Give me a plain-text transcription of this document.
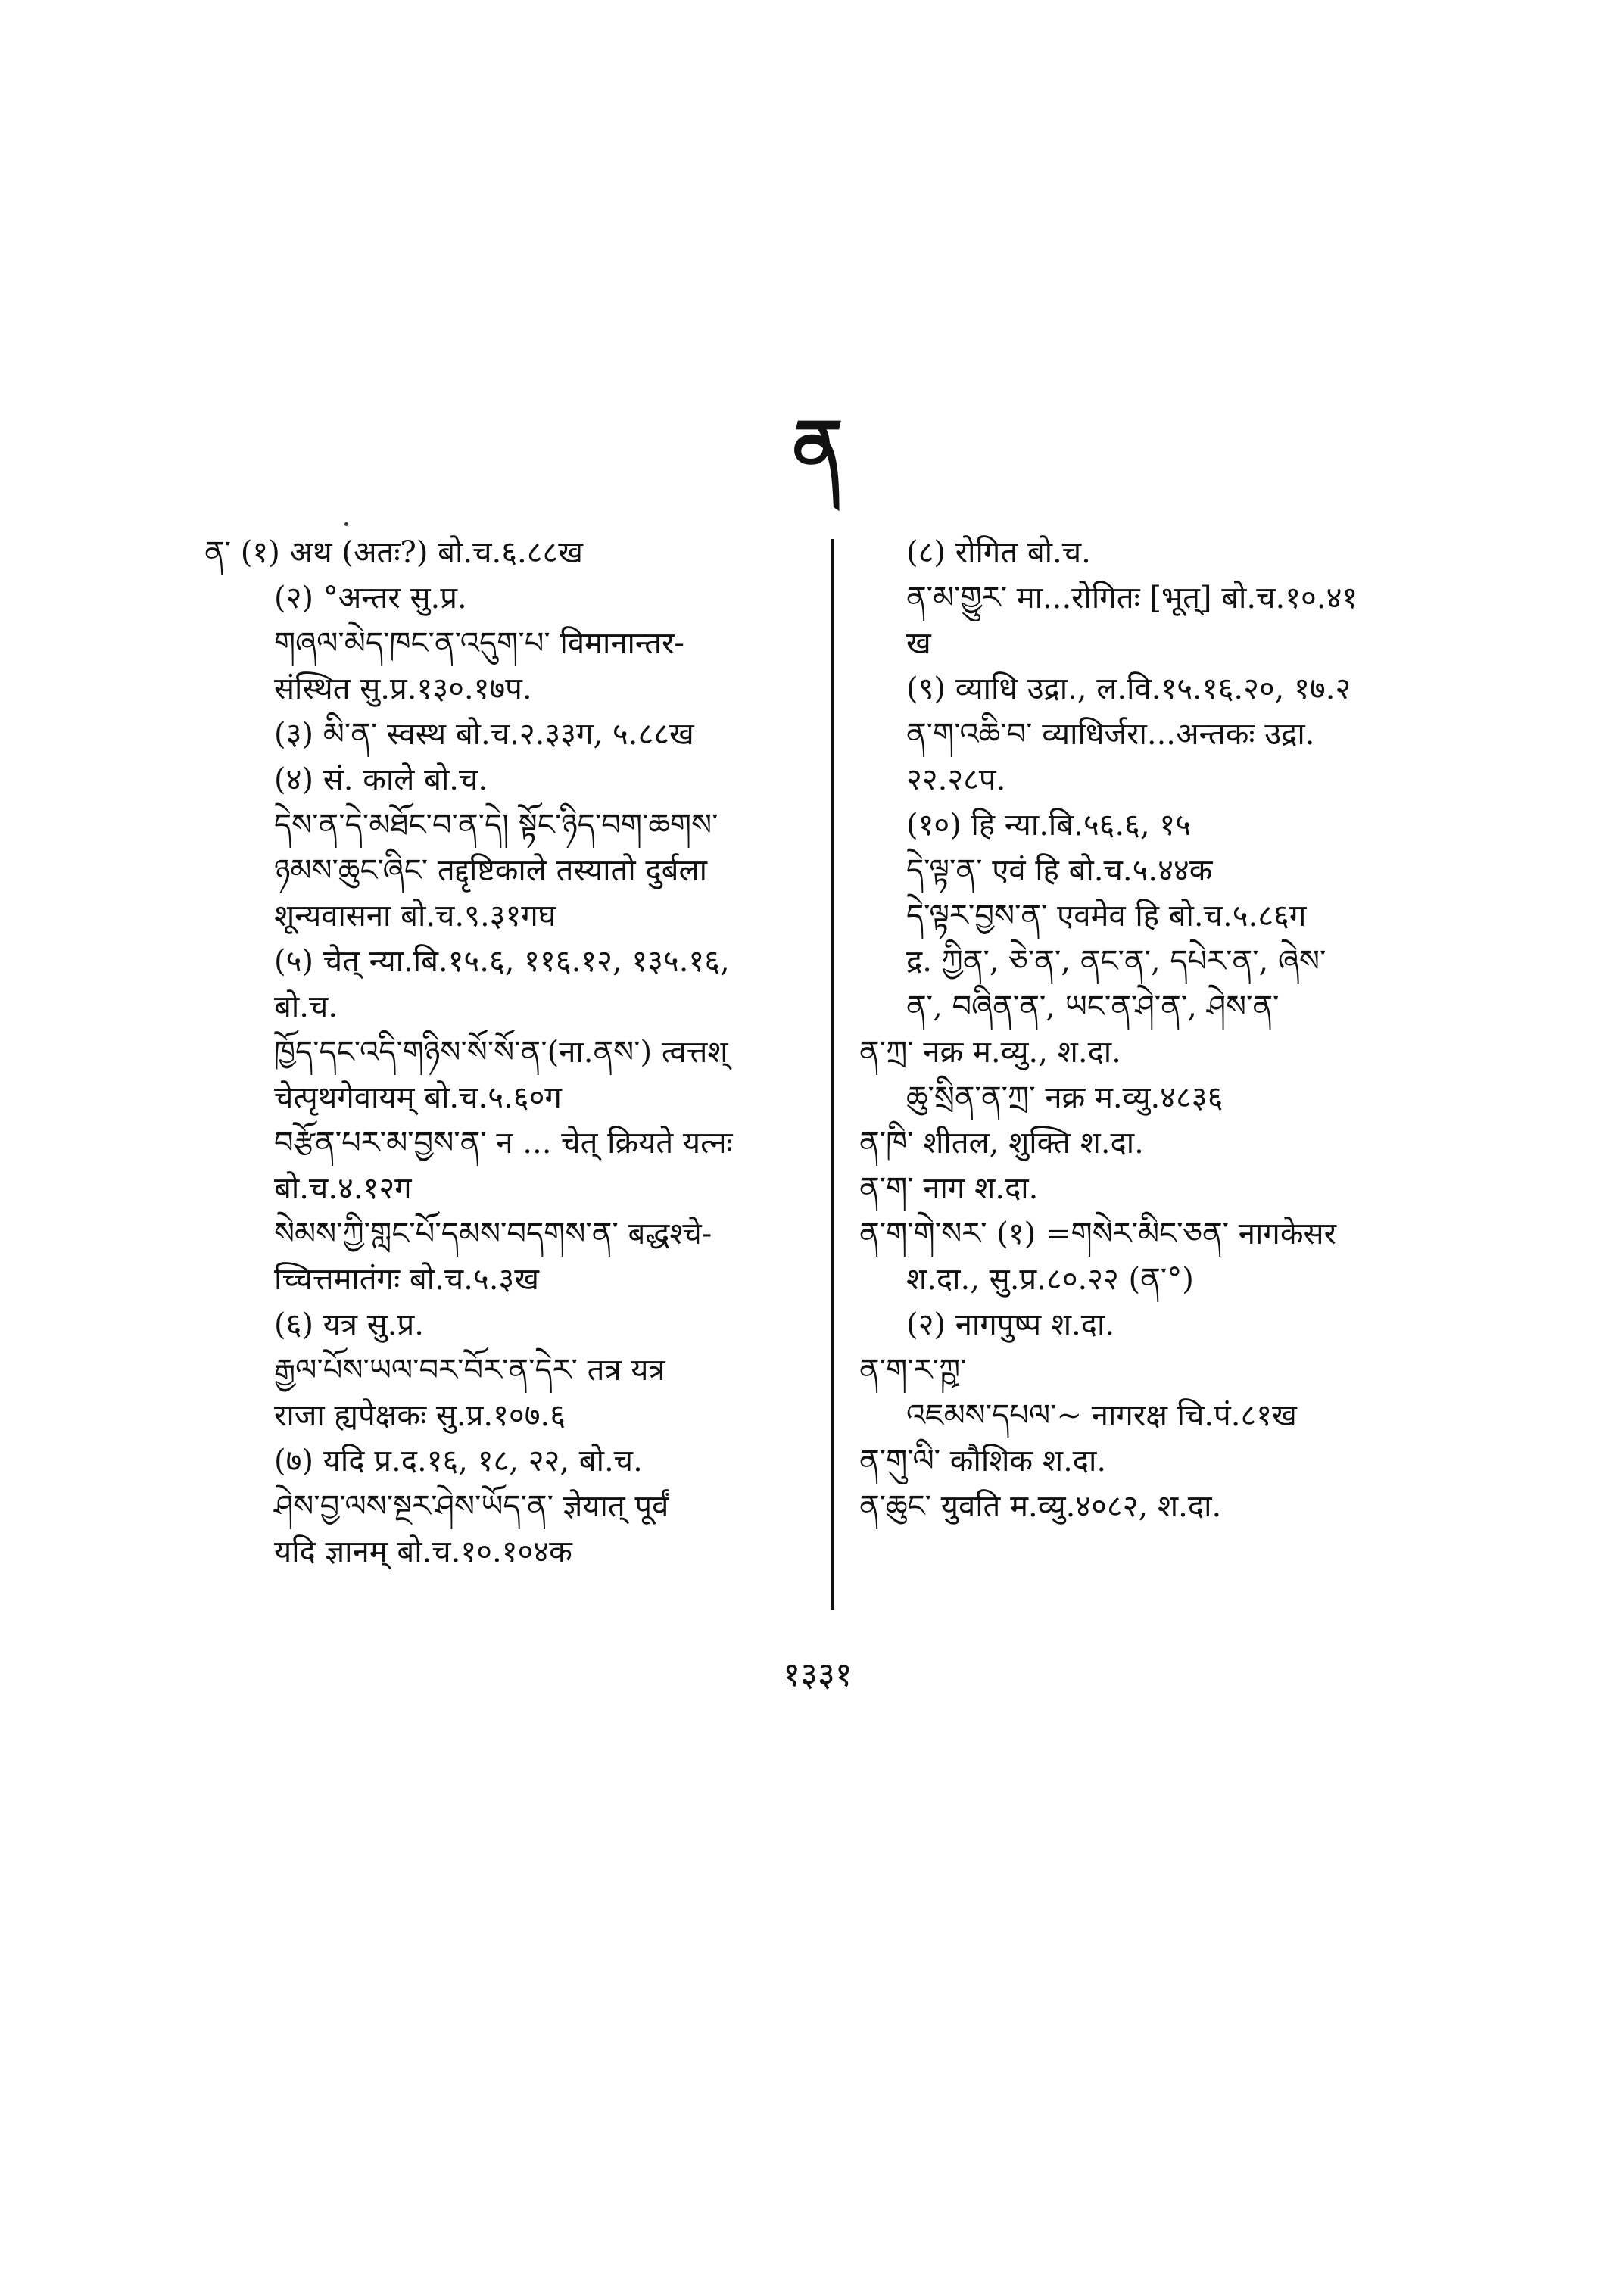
ན
ན་ (१) अथ (अतः?) बो.च.६.८८ख
(२) °अन्तर सु.प्र.
གཞལ་མེད་ཁང་ན་འདུག་པ་ विमानान्तर-
संस्थित सु.प्र.१३०.१७प.
(३) མི་ན་ स्वस्थ बो.च.२.३३ग, ५.८८ख
(४) सं. काले बो.च.
དེས་ན་དེ་མཐོང་བ་ན་དེ། སྟོང་ཉིད་བག་ཆགས་
ཉམས་ཆུང་ཞིང་ तद्दृष्टिकाले तस्यातो दुर्बला
शून्यवासना बो.च.९.३१गघ
(५) चेत् न्या.बि.१५.६, ११६.१२, १३५.१६,
बो.च.
ཁྱོད་དང་འདི་གཉིས་སོ་སོ་ན་(ना.ནས་) त्वत्तश्
चेत्पृथगेवायम् बो.च.५.६०ग
བརྩོན་པར་མ་བྱས་ན་ न ... चेत् क्रियते यत्नः
बो.च.४.१२ग
སེམས་ཀྱི་གླང་པོ་དམས་བདགས་ན་ बद्धश्चे-
च्चित्तमातंगः बो.च.५.३ख
(६) यत्र सु.प्र.
རྒྱལ་པོས་ཡལ་བར་བོར་ན་དེར་ तत्र यत्र
राजा ह्यपेक्षकः सु.प्र.१०७.६
(७) यदि प्र.द.१६, १८, २२, बो.च.
ཤེས་བྱ་ལས་སྔར་ཤེས་ཡོད་ན་ ज्ञेयात् पूर्वं
यदि ज्ञानम् बो.च.१०.१०४क
(८) रोगित बो.च.
ན་མ་གྱུར་ मा...रोगितः [भूत्] बो.च.१०.४१
ख
(९) व्याधि उद्रा., ल.वि.१५.१६.२०, १७.२
ན་ག་འཆི་བ་ व्याधिर्जरा...अन्तकः उद्रा.
२२.२८प.
(१०) हि न्या.बि.५६.६, १५
དེ་ལྟ་ན་ एवं हि बो.च.५.४४क
དེ་ལྟར་བྱས་ན་ एवमेव हि बो.च.५.८६ग
द्र. ཀྱིན་, ཅེ་ན་, ནང་ན་, དཔེར་ན་, ཞེས་
ན་, བཞིན་ན་, ཡང་ན་ཤེ་ན་, ཤེས་ན་
ན་ཀྲ་ नक्र म.व्यु., श.दा.
ཆུ་སྲིན་ན་ཀྲ་ नक्र म.व्यु.४८३६
ན་ཁི་ शीतल, शुक्ति श.दा.
ན་ག་ नाग श.दा.
ན་ག་གེ་སར་ (१) =གསེར་མིང་ཅན་ नागकेसर
श.दा., सु.प्र.८०.२२ (ན་°)
(२) नागपुष्प श.दा.
ན་ག་ར་ཀྵ་
འཇམས་དཔལ་~ नागरक्ष चि.पं.८१ख
ན་གུ་ལི་ कौशिक श.दा.
ན་ཆུང་ युवति म.व्यु.४०८२, श.दा.
१३३१
